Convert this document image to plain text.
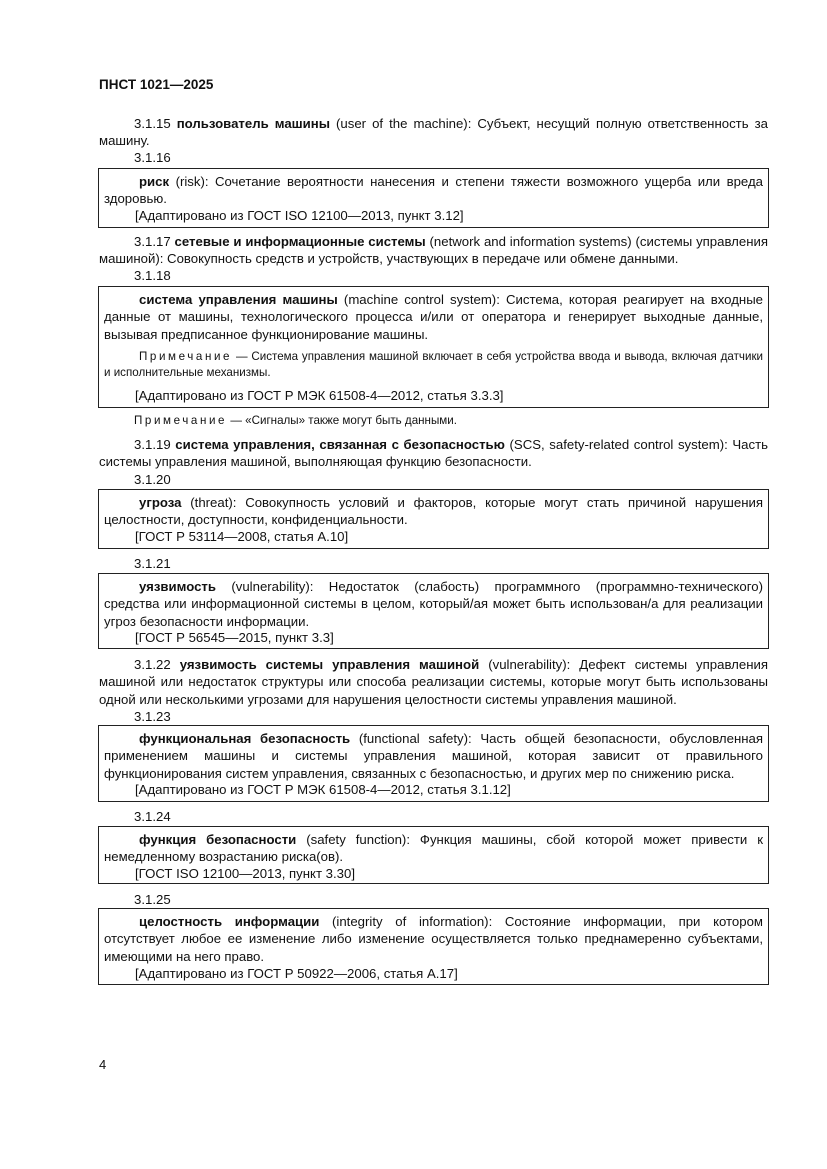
ПНСТ 1021—2025
3.1.15 пользователь машины (user of the machine): Субъект, несущий полную ответственность за машину.
3.1.16
риск (risk): Сочетание вероятности нанесения и степени тяжести возможного ущерба или вреда здоровью.
[Адаптировано из ГОСТ ISO 12100—2013, пункт 3.12]
3.1.17 сетевые и информационные системы (network and information systems) (системы управления машиной): Совокупность средств и устройств, участвующих в передаче или обмене данными.
3.1.18
система управления машины (machine control system): Система, которая реагирует на входные данные от машины, технологического процесса и/или от оператора и генерирует выходные данные, вызывая предписанное функционирование машины.
Примечание — Система управления машиной включает в себя устройства ввода и вывода, включая датчики и исполнительные механизмы.
[Адаптировано из ГОСТ Р МЭК 61508-4—2012, статья 3.3.3]
Примечание — «Сигналы» также могут быть данными.
3.1.19 система управления, связанная с безопасностью (SCS, safety-related control system): Часть системы управления машиной, выполняющая функцию безопасности.
3.1.20
угроза (threat): Совокупность условий и факторов, которые могут стать причиной нарушения целостности, доступности, конфиденциальности.
[ГОСТ Р 53114—2008, статья А.10]
3.1.21
уязвимость (vulnerability): Недостаток (слабость) программного (программно-технического) средства или информационной системы в целом, который/ая может быть использован/а для реализации угроз безопасности информации.
[ГОСТ Р 56545—2015, пункт 3.3]
3.1.22 уязвимость системы управления машиной (vulnerability): Дефект системы управления машиной или недостаток структуры или способа реализации системы, которые могут быть использованы одной или несколькими угрозами для нарушения целостности системы управления машиной.
3.1.23
функциональная безопасность (functional safety): Часть общей безопасности, обусловленная применением машины и системы управления машиной, которая зависит от правильного функционирования систем управления, связанных с безопасностью, и других мер по снижению риска.
[Адаптировано из ГОСТ Р МЭК 61508-4—2012, статья 3.1.12]
3.1.24
функция безопасности (safety function): Функция машины, сбой которой может привести к немедленному возрастанию риска(ов).
[ГОСТ ISO 12100—2013, пункт 3.30]
3.1.25
целостность информации (integrity of information): Состояние информации, при котором отсутствует любое ее изменение либо изменение осуществляется только преднамеренно субъектами, имеющими на него право.
[Адаптировано из ГОСТ Р 50922—2006, статья А.17]
4
